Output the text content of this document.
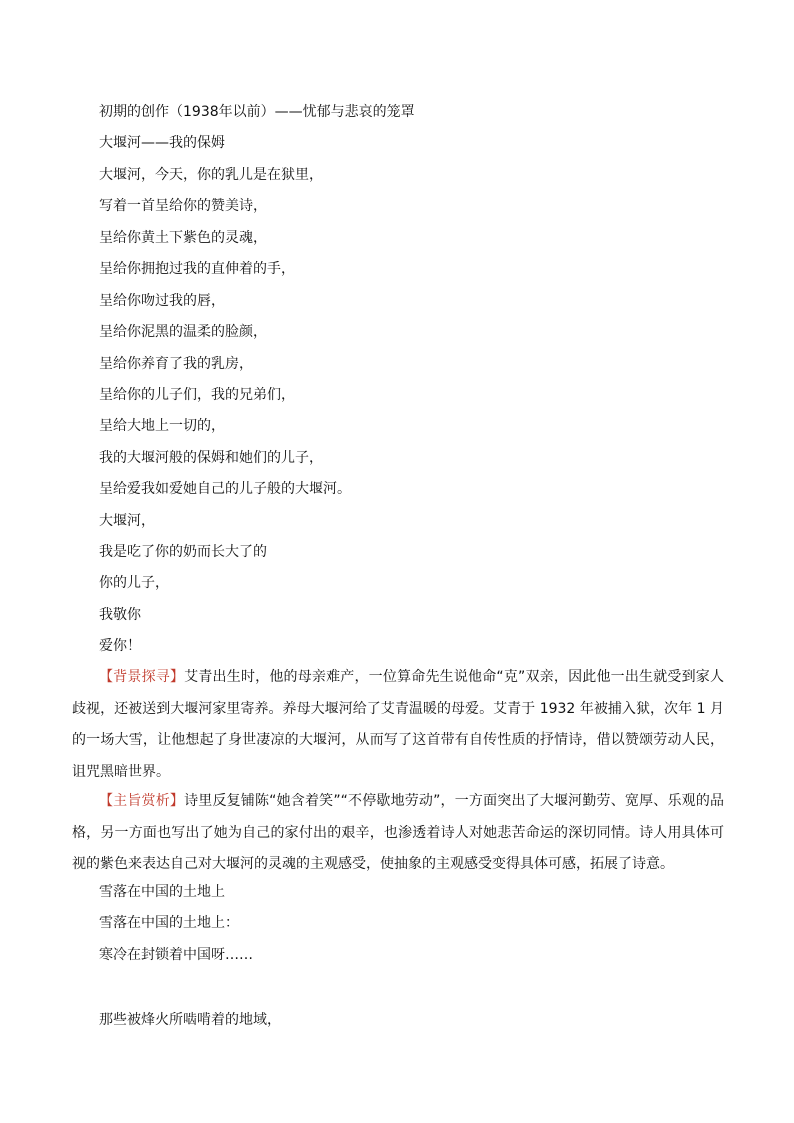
初期的创作（1938年以前）——忧郁与悲哀的笼罩
大堰河——我的保姆
大堰河，今天，你的乳儿是在狱里，
写着一首呈给你的赞美诗，
呈给你黄土下紫色的灵魂，
呈给你拥抱过我的直伸着的手，
呈给你吻过我的唇，
呈给你泥黑的温柔的脸颜，
呈给你养育了我的乳房，
呈给你的儿子们，我的兄弟们，
呈给大地上一切的，
我的大堰河般的保姆和她们的儿子，
呈给爱我如爱她自己的儿子般的大堰河。
大堰河，
我是吃了你的奶而长大了的
你的儿子，
我敬你
爱你！
【背景探寻】艾青出生时，他的母亲难产，一位算命先生说他命“克”双亲，因此他一出生就受到家人歧视，还被送到大堰河家里寄养。养母大堰河给了艾青温暖的母爱。艾青于 1932 年被捕入狱，次年 1 月的一场大雪，让他想起了身世凄凉的大堰河，从而写了这首带有自传性质的抒情诗，借以赞颂劳动人民，诅咒黑暗世界。
【主旨赏析】诗里反复铺陈“她含着笑”“不停歇地劳动”，一方面突出了大堰河勤劳、宽厚、乐观的品格，另一方面也写出了她为自己的家付出的艰辛，也渗透着诗人对她悲苦命运的深切同情。诗人用具体可视的紫色来表达自己对大堰河的灵魂的主观感受，使抽象的主观感受变得具体可感，拓展了诗意。
雪落在中国的土地上
雪落在中国的土地上：
寒冷在封锁着中国呀……
那些被烽火所啮啃着的地域，
